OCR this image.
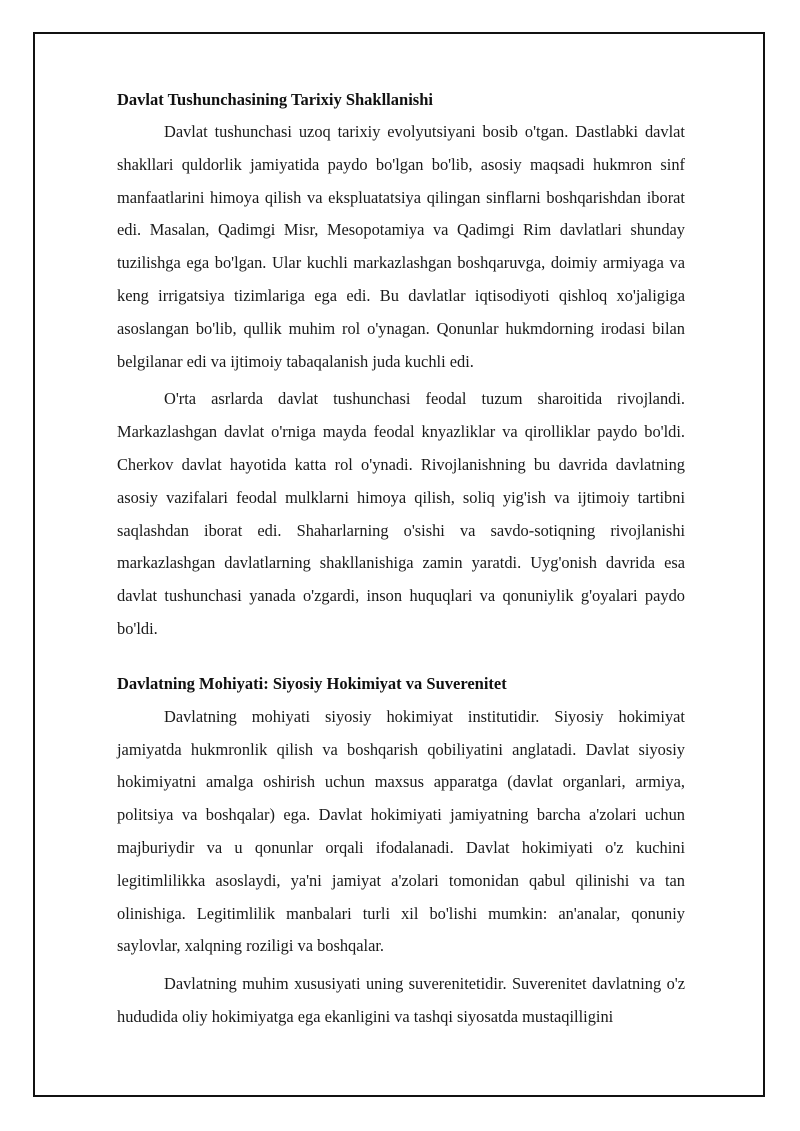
Davlat Tushunchasining Tarixiy Shakllanishi

Davlat tushunchasi uzoq tarixiy evolyutsiyani bosib o'tgan. Dastlabki davlat shakllari quldorlik jamiyatida paydo bo'lgan bo'lib, asosiy maqsadi hukmron sinf manfaatlarini himoya qilish va ekspluatatsiya qilingan sinflarni boshqarishdan iborat edi. Masalan, Qadimgi Misr, Mesopotamiya va Qadimgi Rim davlatlari shunday tuzilishga ega bo'lgan. Ular kuchli markazlashgan boshqaruvga, doimiy armiyaga va keng irrigatsiya tizimlariga ega edi. Bu davlatlar iqtisodiyoti qishloq xo'jaligiga asoslangan bo'lib, qullik muhim rol o'ynagan. Qonunlar hukmdorning irodasi bilan belgilanar edi va ijtimoiy tabaqalanish juda kuchli edi.

O'rta asrlarda davlat tushunchasi feodal tuzum sharoitida rivojlandi. Markazlashgan davlat o'rniga mayda feodal knyazliklar va qirolliklar paydo bo'ldi. Cherkov davlat hayotida katta rol o'ynadi. Rivojlanishning bu davrida davlatning asosiy vazifalari feodal mulklarni himoya qilish, soliq yig'ish va ijtimoiy tartibni saqlashdan iborat edi. Shaharlarning o'sishi va savdo-sotiqning rivojlanishi markazlashgan davlatlarning shakllanishiga zamin yaratdi. Uyg'onish davrida esa davlat tushunchasi yanada o'zgardi, inson huquqlari va qonuniylik g'oyalari paydo bo'ldi.

Davlatning Mohiyati: Siyosiy Hokimiyat va Suverenitet

Davlatning mohiyati siyosiy hokimiyat institutidir. Siyosiy hokimiyat jamiyatda hukmronlik qilish va boshqarish qobiliyatini anglatadi. Davlat siyosiy hokimiyatni amalga oshirish uchun maxsus apparatga (davlat organlari, armiya, politsiya va boshqalar) ega. Davlat hokimiyati jamiyatning barcha a'zolari uchun majburiydir va u qonunlar orqali ifodalanadi. Davlat hokimiyati o'z kuchini legitimlilikka asoslaydi, ya'ni jamiyat a'zolari tomonidan qabul qilinishi va tan olinishiga. Legitimlilik manbalari turli xil bo'lishi mumkin: an'analar, qonuniy saylovlar, xalqning roziligi va boshqalar.

Davlatning muhim xususiyati uning suverenitetidir. Suverenitet davlatning o'z hududida oliy hokimiyatga ega ekanligini va tashqi siyosatda mustaqilligini
